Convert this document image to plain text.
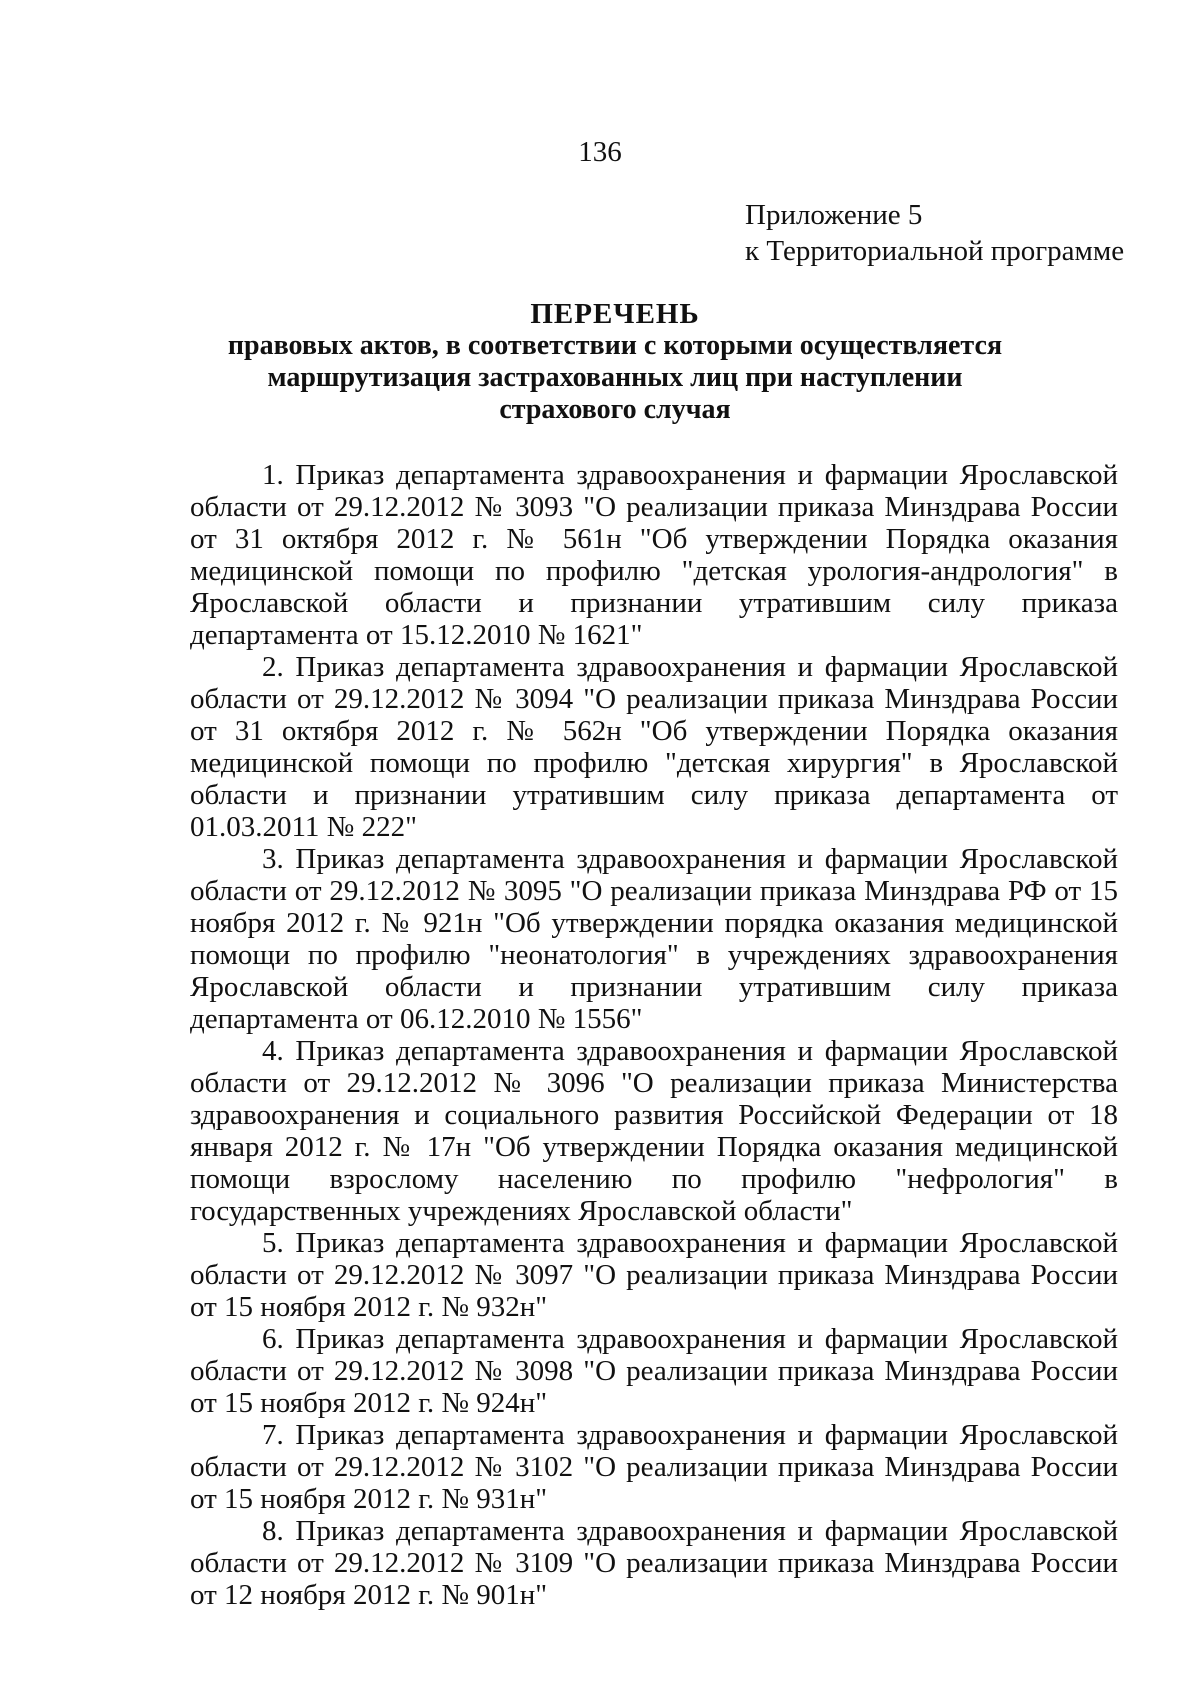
136
Приложение 5
к Территориальной программе
ПЕРЕЧЕНЬ
правовых актов, в соответствии с которыми осуществляется
маршрутизация застрахованных лиц при наступлении
страхового случая

1. Приказ департамента здравоохранения и фармации Ярославской области от 29.12.2012 № 3093 "О реализации приказа Минздрава России от 31 октября 2012 г. № 561н "Об утверждении Порядка оказания медицинской помощи по профилю "детская урология-андрология" в Ярославской области и признании утратившим силу приказа департамента от 15.12.2010 № 1621"

2. Приказ департамента здравоохранения и фармации Ярославской области от 29.12.2012 № 3094 "О реализации приказа Минздрава России от 31 октября 2012 г. № 562н "Об утверждении Порядка оказания медицинской помощи по профилю "детская хирургия" в Ярославской области и признании утратившим силу приказа департамента от 01.03.2011 № 222"

3. Приказ департамента здравоохранения и фармации Ярославской области от 29.12.2012 № 3095 "О реализации приказа Минздрава РФ от 15 ноября 2012 г. № 921н "Об утверждении порядка оказания медицинской помощи по профилю "неонатология" в учреждениях здравоохранения Ярославской области и признании утратившим силу приказа департамента от 06.12.2010 № 1556"

4. Приказ департамента здравоохранения и фармации Ярославской области от 29.12.2012 № 3096 "О реализации приказа Министерства здравоохранения и социального развития Российской Федерации от 18 января 2012 г. № 17н "Об утверждении Порядка оказания медицинской помощи взрослому населению по профилю "нефрология" в государственных учреждениях Ярославской области"

5. Приказ департамента здравоохранения и фармации Ярославской области от 29.12.2012 № 3097 "О реализации приказа Минздрава России от 15 ноября 2012 г. № 932н"

6. Приказ департамента здравоохранения и фармации Ярославской области от 29.12.2012 № 3098 "О реализации приказа Минздрава России от 15 ноября 2012 г. № 924н"

7. Приказ департамента здравоохранения и фармации Ярославской области от 29.12.2012 № 3102 "О реализации приказа Минздрава России от 15 ноября 2012 г. № 931н"

8. Приказ департамента здравоохранения и фармации Ярославской области от 29.12.2012 № 3109 "О реализации приказа Минздрава России от 12 ноября 2012 г. № 901н"
